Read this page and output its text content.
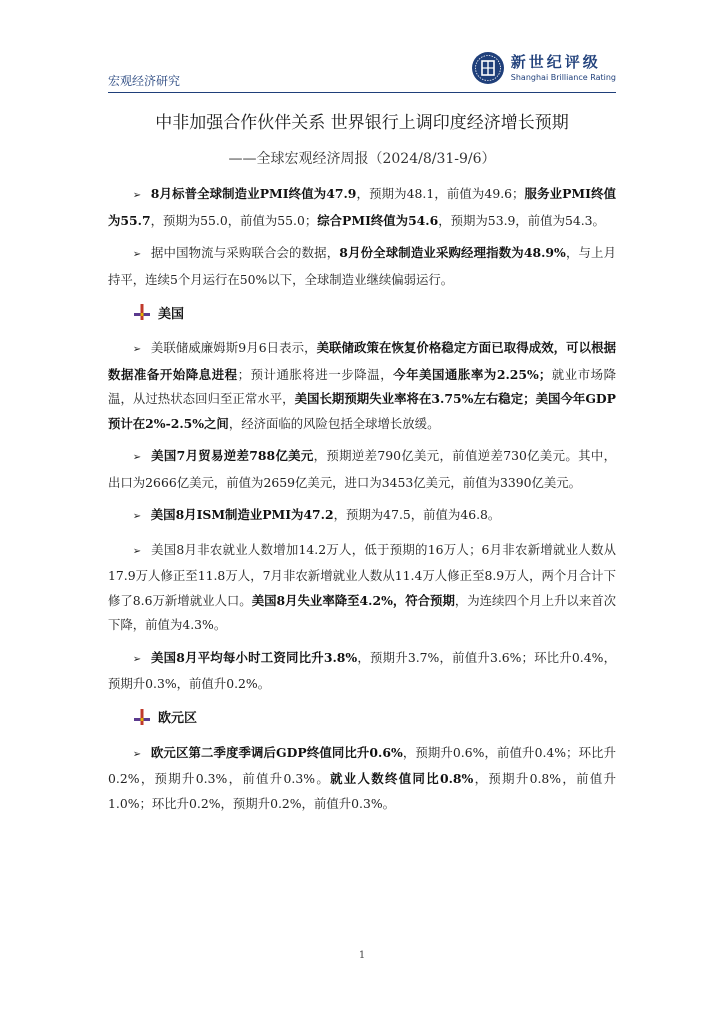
宏观经济研究
新世纪评级
Shanghai Brilliance Rating
中非加强合作伙伴关系 世界银行上调印度经济增长预期
——全球宏观经济周报（2024/8/31-9/6）

➢ 8月标普全球制造业PMI终值为47.9，预期为48.1，前值为49.6；服务业PMI终值为55.7，预期为55.0，前值为55.0；综合PMI终值为54.6，预期为53.9，前值为54.3。

➢ 据中国物流与采购联合会的数据，8月份全球制造业采购经理指数为48.9%，与上月持平，连续5个月运行在50%以下，全球制造业继续偏弱运行。

美国

➢ 美联储威廉姆斯9月6日表示，美联储政策在恢复价格稳定方面已取得成效，可以根据数据准备开始降息进程；预计通胀将进一步降温，今年美国通胀率为2.25%；就业市场降温，从过热状态回归至正常水平，美国长期预期失业率将在3.75%左右稳定；美国今年GDP预计在2%-2.5%之间，经济面临的风险包括全球增长放缓。

➢ 美国7月贸易逆差788亿美元，预期逆差790亿美元，前值逆差730亿美元。其中，出口为2666亿美元，前值为2659亿美元，进口为3453亿美元，前值为3390亿美元。

➢ 美国8月ISM制造业PMI为47.2，预期为47.5，前值为46.8。

➢ 美国8月非农就业人数增加14.2万人，低于预期的16万人；6月非农新增就业人数从17.9万人修正至11.8万人，7月非农新增就业人数从11.4万人修正至8.9万人，两个月合计下修了8.6万新增就业人口。美国8月失业率降至4.2%，符合预期，为连续四个月上升以来首次下降，前值为4.3%。

➢ 美国8月平均每小时工资同比升3.8%，预期升3.7%，前值升3.6%；环比升0.4%，预期升0.3%，前值升0.2%。

欧元区

➢ 欧元区第二季度季调后GDP终值同比升0.6%，预期升0.6%，前值升0.4%；环比升0.2%，预期升0.3%，前值升0.3%。就业人数终值同比0.8%，预期升0.8%，前值升1.0%；环比升0.2%，预期升0.2%，前值升0.3%。

1
